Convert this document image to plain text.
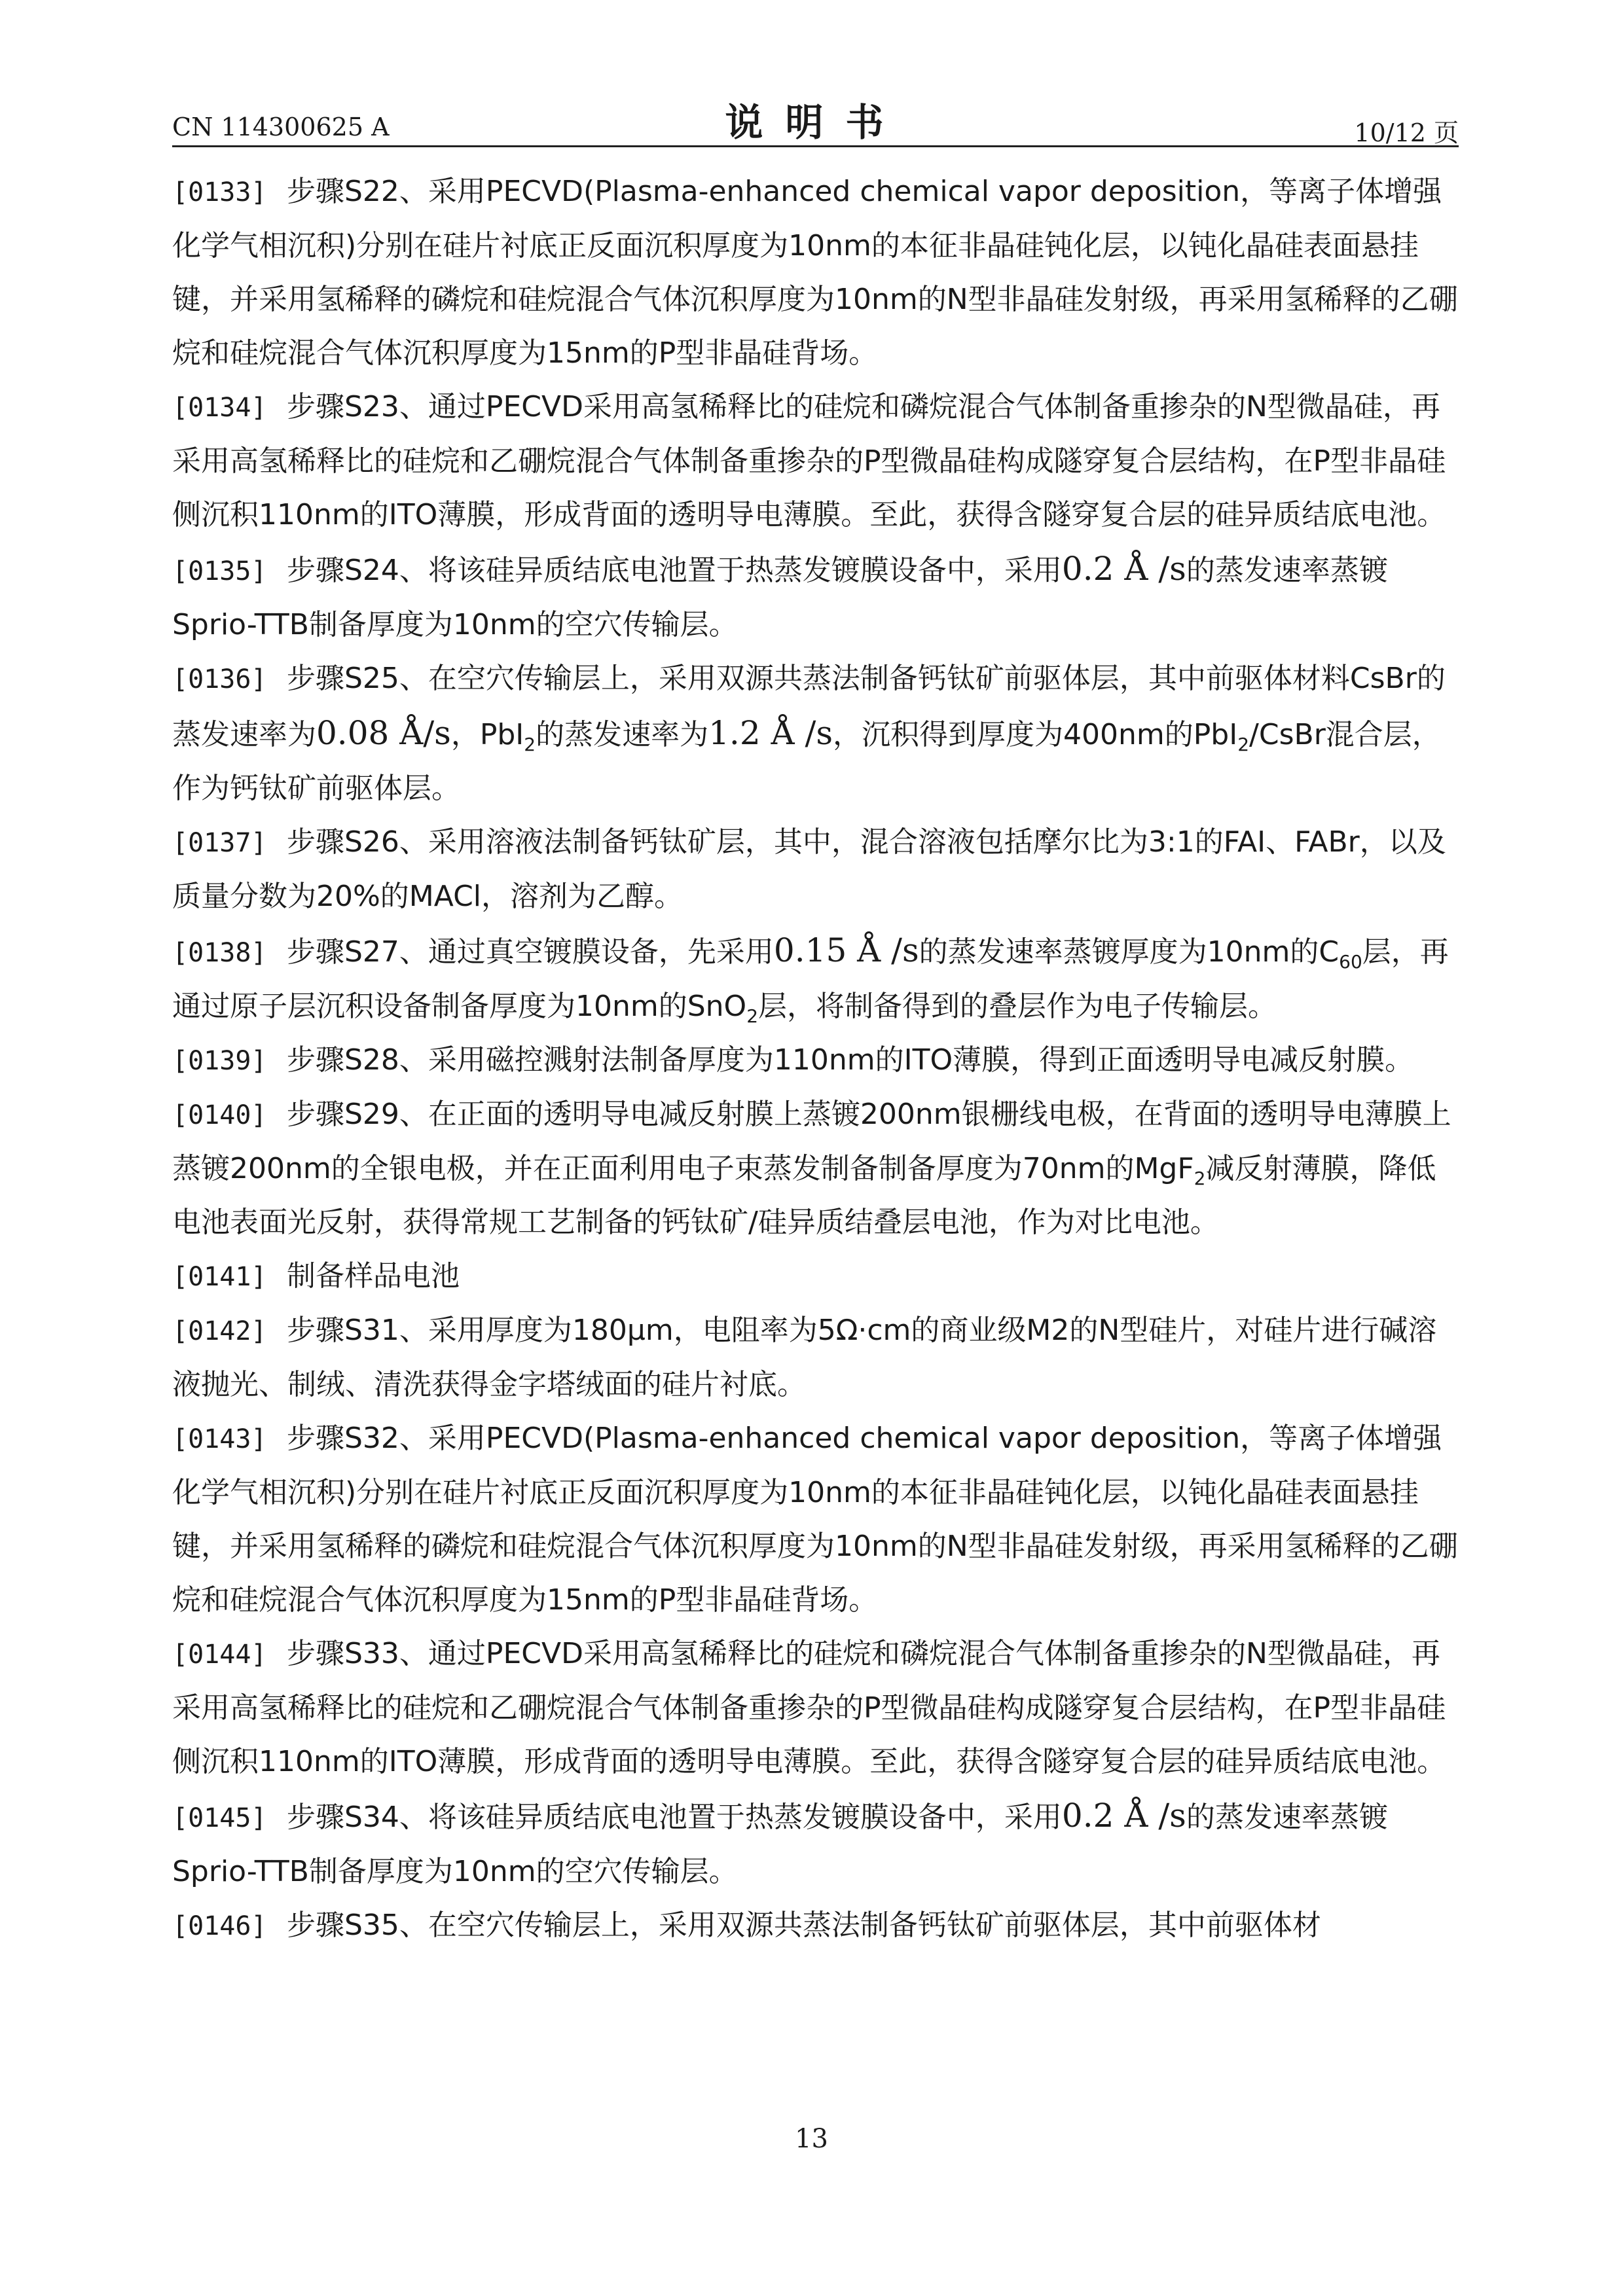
CN 114300625 A	说明书	10/12 页

[0133] 步骤S22、采用PECVD(Plasma-enhanced chemical vapor deposition，等离子体增强化学气相沉积)分别在硅片衬底正反面沉积厚度为10nm的本征非晶硅钝化层，以钝化晶硅表面悬挂键，并采用氢稀释的磷烷和硅烷混合气体沉积厚度为10nm的N型非晶硅发射级，再采用氢稀释的乙硼烷和硅烷混合气体沉积厚度为15nm的P型非晶硅背场。

[0134] 步骤S23、通过PECVD采用高氢稀释比的硅烷和磷烷混合气体制备重掺杂的N型微晶硅，再采用高氢稀释比的硅烷和乙硼烷混合气体制备重掺杂的P型微晶硅构成隧穿复合层结构，在P型非晶硅侧沉积110nm的ITO薄膜，形成背面的透明导电薄膜。至此，获得含隧穿复合层的硅异质结底电池。

[0135] 步骤S24、将该硅异质结底电池置于热蒸发镀膜设备中，采用0.2 Å /s的蒸发速率蒸镀Sprio-TTB制备厚度为10nm的空穴传输层。

[0136] 步骤S25、在空穴传输层上，采用双源共蒸法制备钙钛矿前驱体层，其中前驱体材料CsBr的蒸发速率为0.08 Å/s，PbI$_2$的蒸发速率为1.2 Å /s，沉积得到厚度为400nm的PbI$_2$/CsBr混合层，作为钙钛矿前驱体层。

[0137] 步骤S26、采用溶液法制备钙钛矿层，其中，混合溶液包括摩尔比为3:1的FAI、FABr，以及质量分数为20%的MACl，溶剂为乙醇。

[0138] 步骤S27、通过真空镀膜设备，先采用0.15 Å /s的蒸发速率蒸镀厚度为10nm的$C_{60}$层，再通过原子层沉积设备制备厚度为10nm的SnO$_2$层，将制备得到的叠层作为电子传输层。

[0139] 步骤S28、采用磁控溅射法制备厚度为110nm的ITO薄膜，得到正面透明导电减反射膜。

[0140] 步骤S29、在正面的透明导电减反射膜上蒸镀200nm银栅线电极，在背面的透明导电薄膜上蒸镀200nm的全银电极，并在正面利用电子束蒸发制备制备厚度为70nm的MgF$_2$减反射薄膜，降低电池表面光反射，获得常规工艺制备的钙钛矿/硅异质结叠层电池，作为对比电池。

[0141] 制备样品电池

[0142] 步骤S31、采用厚度为180μm，电阻率为5Ω·cm的商业级M2的N型硅片，对硅片进行碱溶液抛光、制绒、清洗获得金字塔绒面的硅片衬底。

[0143] 步骤S32、采用PECVD(Plasma-enhanced chemical vapor deposition，等离子体增强化学气相沉积)分别在硅片衬底正反面沉积厚度为10nm的本征非晶硅钝化层，以钝化晶硅表面悬挂键，并采用氢稀释的磷烷和硅烷混合气体沉积厚度为10nm的N型非晶硅发射级，再采用氢稀释的乙硼烷和硅烷混合气体沉积厚度为15nm的P型非晶硅背场。

[0144] 步骤S33、通过PECVD采用高氢稀释比的硅烷和磷烷混合气体制备重掺杂的N型微晶硅，再采用高氢稀释比的硅烷和乙硼烷混合气体制备重掺杂的P型微晶硅构成隧穿复合层结构，在P型非晶硅侧沉积110nm的ITO薄膜，形成背面的透明导电薄膜。至此，获得含隧穿复合层的硅异质结底电池。

[0145] 步骤S34、将该硅异质结底电池置于热蒸发镀膜设备中，采用0.2 Å /s的蒸发速率蒸镀Sprio-TTB制备厚度为10nm的空穴传输层。

[0146] 步骤S35、在空穴传输层上，采用双源共蒸法制备钙钛矿前驱体层，其中前驱体材

13
